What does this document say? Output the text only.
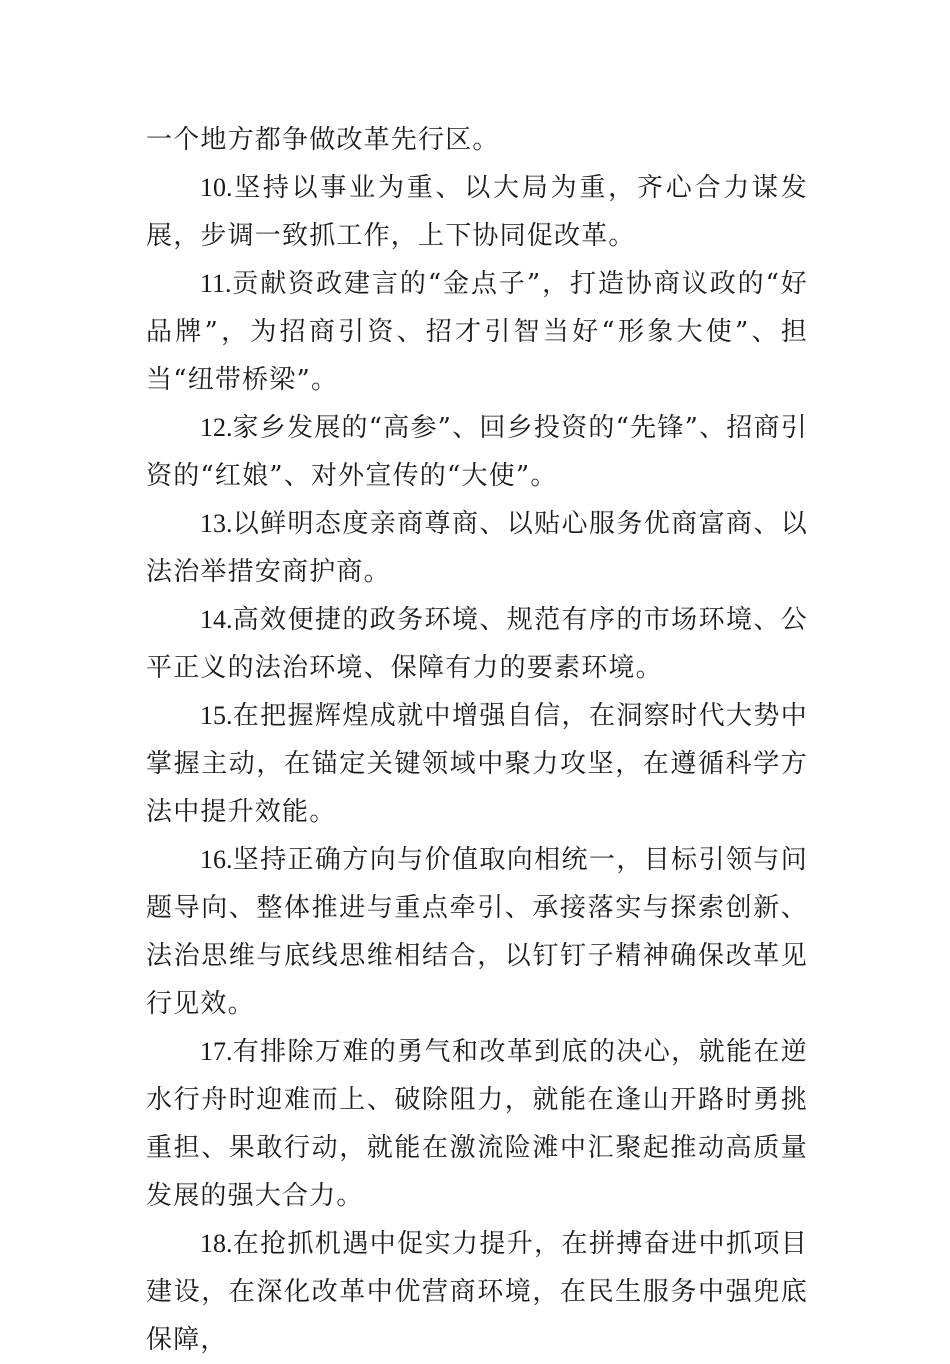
一个地方都争做改革先行区。

10.坚持以事业为重、以大局为重，齐心合力谋发展，步调一致抓工作，上下协同促改革。

11.贡献资政建言的“金点子”，打造协商议政的“好品牌”，为招商引资、招才引智当好“形象大使”、担当“纽带桥梁”。

12.家乡发展的“高参”、回乡投资的“先锋”、招商引资的“红娘”、对外宣传的“大使”。

13.以鲜明态度亲商尊商、以贴心服务优商富商、以法治举措安商护商。

14.高效便捷的政务环境、规范有序的市场环境、公平正义的法治环境、保障有力的要素环境。

15.在把握辉煌成就中增强自信，在洞察时代大势中掌握主动，在锚定关键领域中聚力攻坚，在遵循科学方法中提升效能。

16.坚持正确方向与价值取向相统一，目标引领与问题导向、整体推进与重点牵引、承接落实与探索创新、法治思维与底线思维相结合，以钉钉子精神确保改革见行见效。

17.有排除万难的勇气和改革到底的决心，就能在逆水行舟时迎难而上、破除阻力，就能在逢山开路时勇挑重担、果敢行动，就能在激流险滩中汇聚起推动高质量发展的强大合力。

18.在抢抓机遇中促实力提升，在拼搏奋进中抓项目建设，在深化改革中优营商环境，在民生服务中强兜底保障，
